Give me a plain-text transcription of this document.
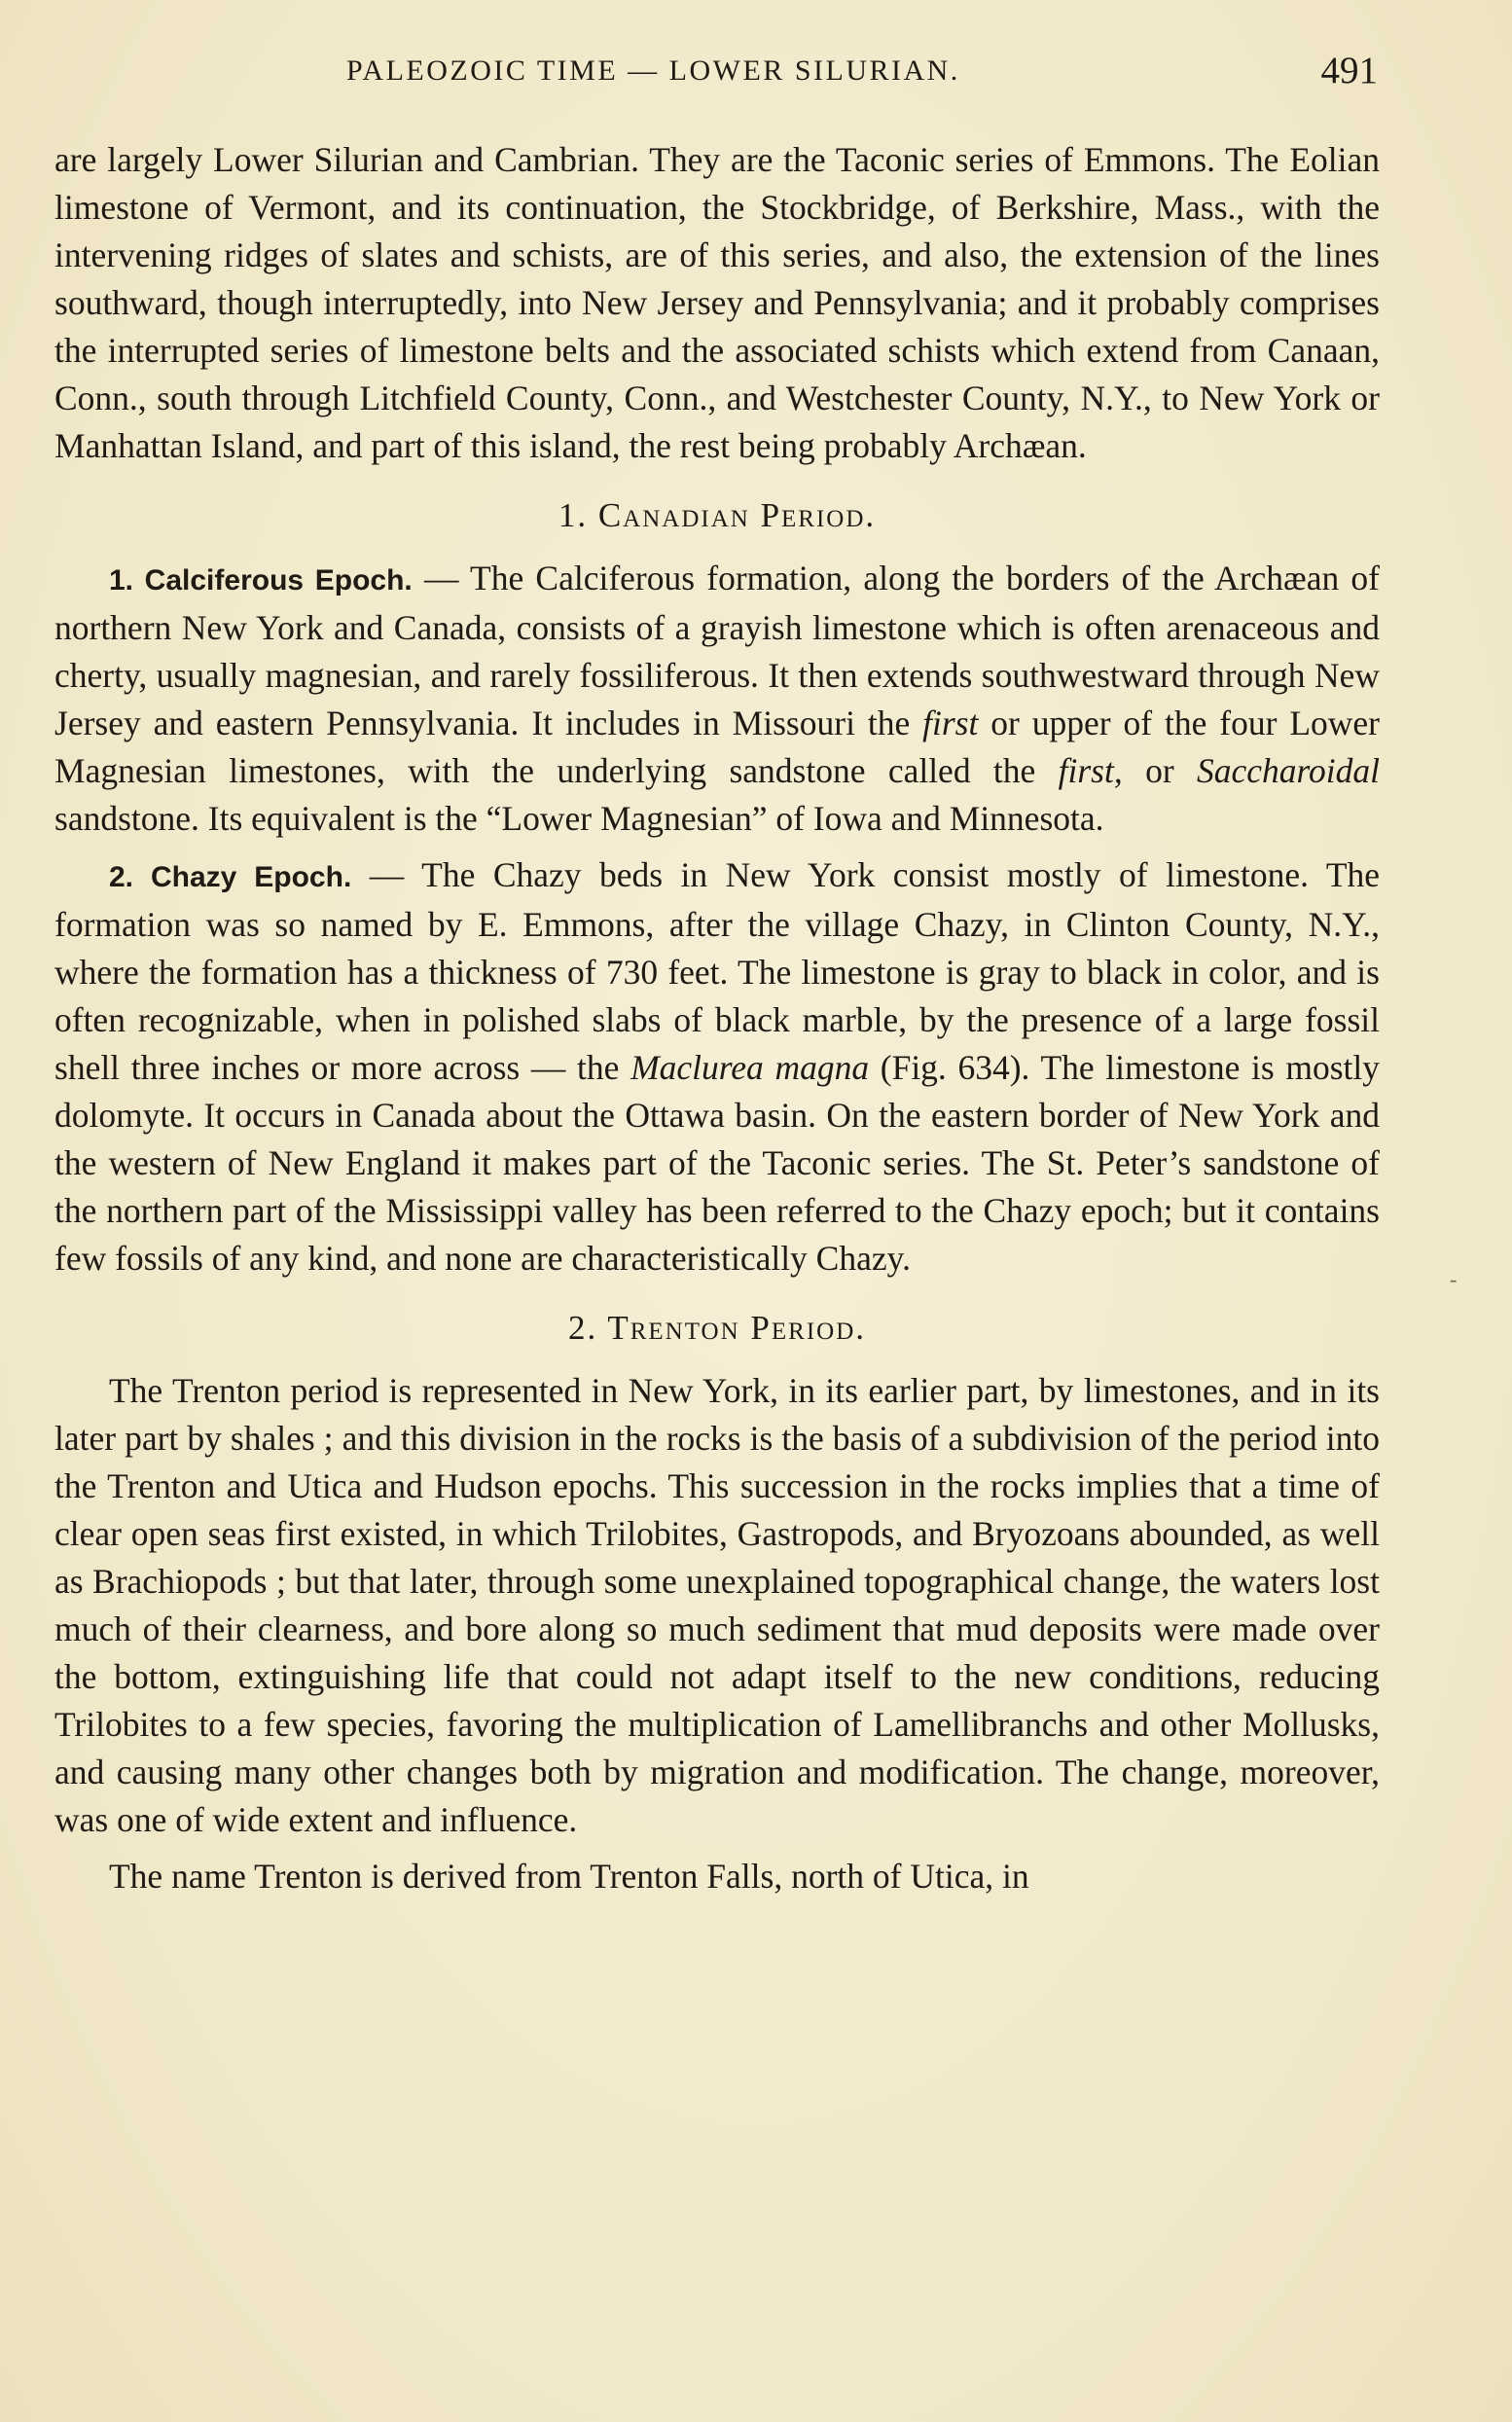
PALEOZOIC TIME — LOWER SILURIAN.	491

are largely Lower Silurian and Cambrian. They are the Taconic series of Emmons. The Eolian limestone of Vermont, and its continuation, the Stockbridge, of Berkshire, Mass., with the intervening ridges of slates and schists, are of this series, and also, the extension of the lines southward, though interruptedly, into New Jersey and Pennsylvania; and it probably comprises the interrupted series of limestone belts and the associated schists which extend from Canaan, Conn., south through Litchfield County, Conn., and Westchester County, N.Y., to New York or Manhattan Island, and part of this island, the rest being probably Archæan.

1. Canadian Period.

1. Calciferous Epoch. — The Calciferous formation, along the borders of the Archæan of northern New York and Canada, consists of a grayish limestone which is often arenaceous and cherty, usually magnesian, and rarely fossiliferous. It then extends southwestward through New Jersey and eastern Pennsylvania. It includes in Missouri the first or upper of the four Lower Magnesian limestones, with the underlying sandstone called the first, or Saccharoidal sandstone. Its equivalent is the “Lower Magnesian” of Iowa and Minnesota.

2. Chazy Epoch. — The Chazy beds in New York consist mostly of limestone. The formation was so named by E. Emmons, after the village Chazy, in Clinton County, N.Y., where the formation has a thickness of 730 feet. The limestone is gray to black in color, and is often recognizable, when in polished slabs of black marble, by the presence of a large fossil shell three inches or more across — the Maclurea magna (Fig. 634). The limestone is mostly dolomyte. It occurs in Canada about the Ottawa basin. On the eastern border of New York and the western of New England it makes part of the Taconic series. The St. Peter’s sandstone of the northern part of the Mississippi valley has been referred to the Chazy epoch; but it contains few fossils of any kind, and none are characteristically Chazy.

2. Trenton Period.

The Trenton period is represented in New York, in its earlier part, by limestones, and in its later part by shales ; and this division in the rocks is the basis of a subdivision of the period into the Trenton and Utica and Hudson epochs. This succession in the rocks implies that a time of clear open seas first existed, in which Trilobites, Gastropods, and Bryozoans abounded, as well as Brachiopods ; but that later, through some unexplained topographical change, the waters lost much of their clearness, and bore along so much sediment that mud deposits were made over the bottom, extinguishing life that could not adapt itself to the new conditions, reducing Trilobites to a few species, favoring the multiplication of Lamellibranchs and other Mollusks, and causing many other changes both by migration and modification. The change, moreover, was one of wide extent and influence.

The name Trenton is derived from Trenton Falls, north of Utica, in

-
